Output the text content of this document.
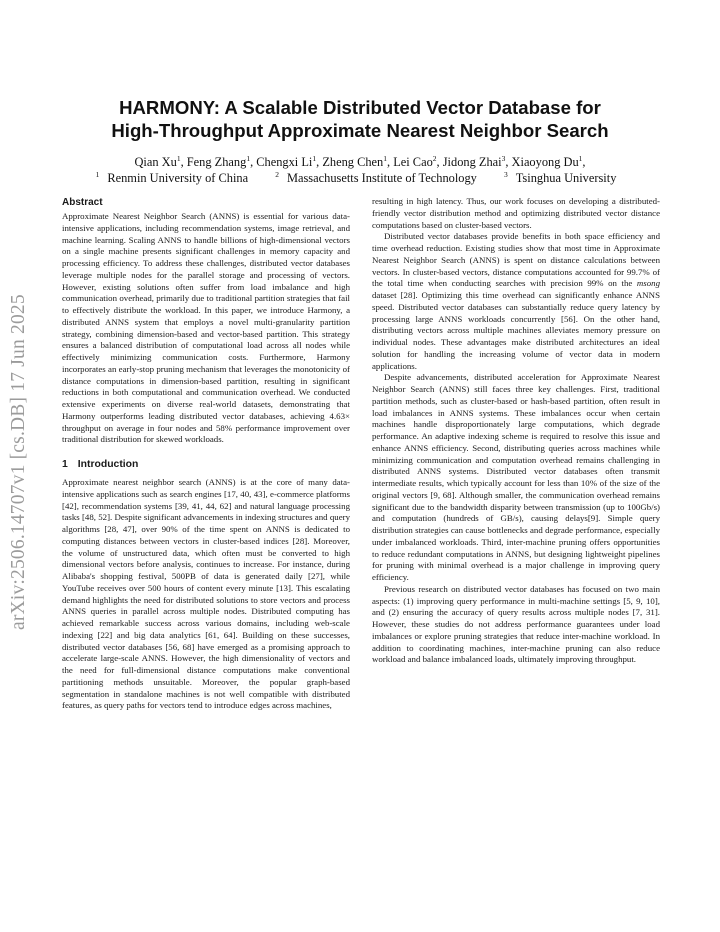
arXiv:2506.14707v1 [cs.DB] 17 Jun 2025
HARMONY: A Scalable Distributed Vector Database for
High-Throughput Approximate Nearest Neighbor Search
Qian Xu$^1$, Feng Zhang$^1$, Chengxi Li$^1$, Zheng Chen$^1$, Lei Cao$^2$, Jidong Zhai$^3$, Xiaoyong Du$^1$,
$^1$ Renmin University of China	$^2$ Massachusetts Institute of Technology	$^3$ Tsinghua University
Abstract

Approximate Nearest Neighbor Search (ANNS) is essential for various data-intensive applications, including recommendation systems, image retrieval, and machine learning. Scaling ANNS to handle billions of high-dimensional vectors on a single machine presents significant challenges in memory capacity and processing efficiency. To address these challenges, distributed vector databases leverage multiple nodes for the parallel storage and processing of vectors. However, existing solutions often suffer from load imbalance and high communication overhead, primarily due to traditional partition strategies that fail to effectively distribute the workload. In this paper, we introduce Harmony, a distributed ANNS system that employs a novel multi-granularity partition strategy, combining dimension-based and vector-based partition. This strategy ensures a balanced distribution of computational load across all nodes while effectively minimizing communication costs. Furthermore, Harmony incorporates an early-stop pruning mechanism that leverages the monotonicity of distance computations in dimension-based partition, resulting in significant reductions in both computational and communication overhead. We conducted extensive experiments on diverse real-world datasets, demonstrating that Harmony outperforms leading distributed vector databases, achieving 4.63× throughput on average in four nodes and 58% performance improvement over traditional distribution for skewed workloads.

1 Introduction

Approximate nearest neighbor search (ANNS) is at the core of many data-intensive applications such as search engines [17, 40, 43], e-commerce platforms [42], recommendation systems [39, 41, 44, 62] and natural language processing tasks [48, 52]. Despite significant advancements in indexing structures and query algorithms [28, 47], over 90% of the time spent on ANNS is dedicated to computing distances between vectors in cluster-based indices [28]. Moreover, the volume of unstructured data, which often must be converted to high dimensional vectors before analysis, continues to increase. For instance, during Alibaba's shopping festival, 500PB of data is generated daily [27], while YouTube receives over 500 hours of content every minute [13]. This escalating demand highlights the need for distributed solutions to store vectors and process ANNS queries in parallel across multiple nodes. Distributed computing has achieved remarkable success across various domains, including web-scale indexing [22] and big data analytics [61, 64]. Building on these successes, distributed vector databases [56, 68] have emerged as a promising approach to accelerate large-scale ANNS. However, the high dimensionality of vectors and the need for full-dimensional distance computations make conventional partitioning methods unsuitable. Moreover, the popular graph-based segmentation in standalone machines is not well compatible with distributed features, as query paths for vectors tend to introduce edges across machines,

resulting in high latency. Thus, our work focuses on developing a distributed-friendly vector distribution method and optimizing distributed vector distance computations based on cluster-based vectors.

Distributed vector databases provide benefits in both space efficiency and time overhead reduction. Existing studies show that most time in Approximate Nearest Neighbor Search (ANNS) is spent on distance calculations between vectors. In cluster-based vectors, distance computations accounted for 99.7% of the total time when conducting searches with precision 99% on the msong dataset [28]. Optimizing this time overhead can significantly enhance ANNS speed. Distributed vector databases can substantially reduce query latency by processing large ANNS workloads concurrently [56]. On the other hand, distributing vectors across multiple machines alleviates memory pressure on individual nodes. These advantages make distributed architectures an ideal solution for handling the increasing volume of vector data in modern applications.

Despite advancements, distributed acceleration for Approximate Nearest Neighbor Search (ANNS) still faces three key challenges. First, traditional partition methods, such as cluster-based or hash-based partition, often result in load imbalances in ANNS systems. These imbalances occur when certain machines handle disproportionately large computations, which degrade performance. An adaptive indexing scheme is required to resolve this issue and enhance ANNS efficiency. Second, distributing queries across machines while minimizing communication and computation overhead remains challenging in distributed ANNS systems. Distributed vector databases often transmit intermediate results, which typically account for less than 10% of the size of the original vectors [9, 68]. Although smaller, the communication overhead remains significant due to the bandwidth disparity between transmission (up to 100Gb/s) and computation (hundreds of GB/s), causing delays[9]. Simple query distribution strategies can cause bottlenecks and degrade performance, especially under imbalanced workloads. Third, inter-machine pruning offers opportunities to reduce redundant computations in ANNS, but designing lightweight pipelines for pruning with minimal overhead is a major challenge in improving query efficiency.

Previous research on distributed vector databases has focused on two main aspects: (1) improving query performance in multi-machine settings [5, 9, 10], and (2) ensuring the accuracy of query results across multiple nodes [7, 31]. However, these studies do not address performance guarantees under load imbalances or explore pruning strategies that reduce inter-machine workload. In addition to coordinating machines, inter-machine pruning can also reduce workload and balance imbalanced loads, ultimately improving throughput.
